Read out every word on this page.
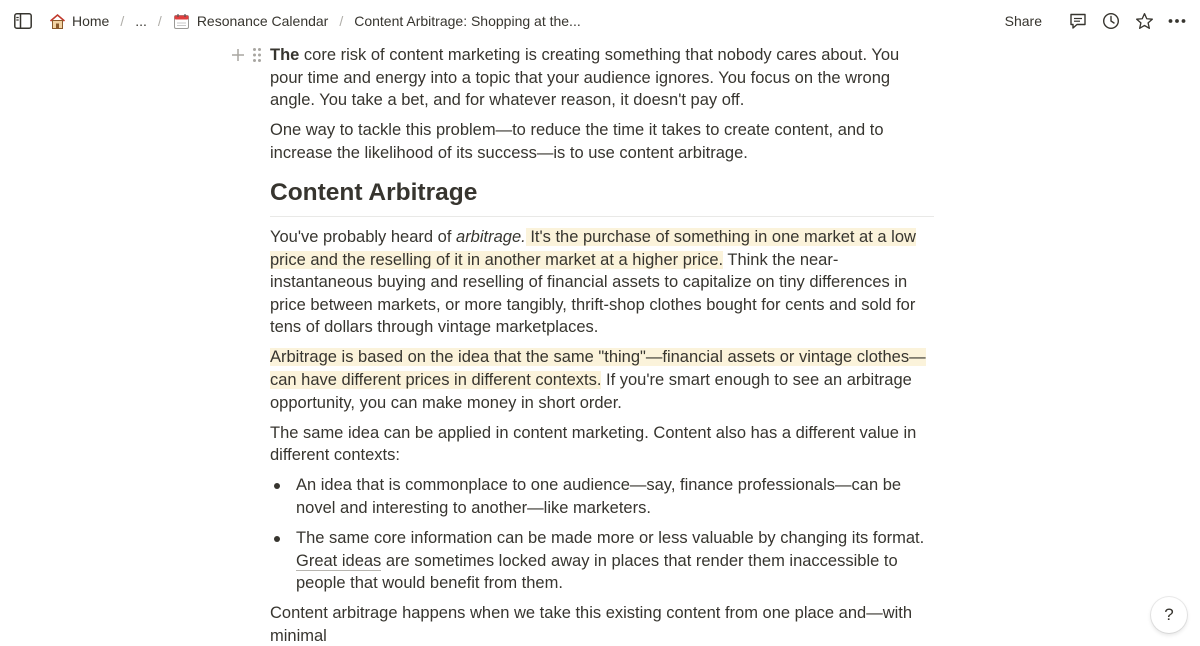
Home / ... /	Resonance Calendar / Content Arbitrage: Shopping at the...	Share
The core risk of content marketing is creating something that nobody cares about. You pour time and energy into a topic that your audience ignores. You focus on the wrong angle. You take a bet, and for whatever reason, it doesn't pay off.
One way to tackle this problem—to reduce the time it takes to create content, and to increase the likelihood of its success—is to use content arbitrage.
Content Arbitrage
You've probably heard of arbitrage. It's the purchase of something in one market at a low price and the reselling of it in another market at a higher price. Think the near-instantaneous buying and reselling of financial assets to capitalize on tiny differences in price between markets, or more tangibly, thrift-shop clothes bought for cents and sold for tens of dollars through vintage marketplaces.
Arbitrage is based on the idea that the same "thing"—financial assets or vintage clothes—can have different prices in different contexts. If you're smart enough to see an arbitrage opportunity, you can make money in short order.
The same idea can be applied in content marketing. Content also has a different value in different contexts:
An idea that is commonplace to one audience—say, finance professionals—can be novel and interesting to another—like marketers.
The same core information can be made more or less valuable by changing its format. Great ideas are sometimes locked away in places that render them inaccessible to people that would benefit from them.
Content arbitrage happens when we take this existing content from one place and—with minimal
?
